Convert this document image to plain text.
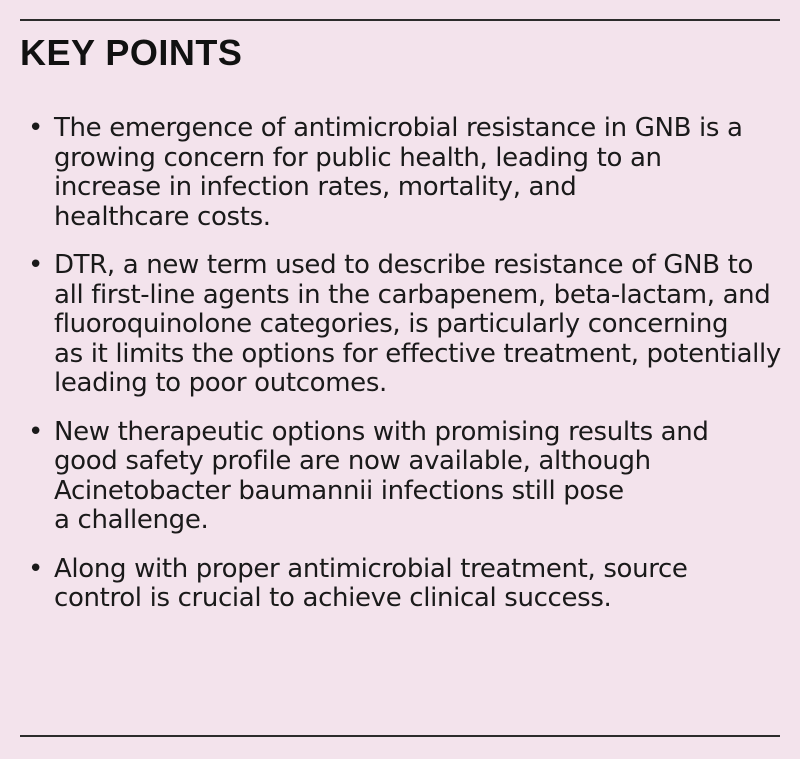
KEY POINTS
• The emergence of antimicrobial resistance in GNB is a
growing concern for public health, leading to an
increase in infection rates, mortality, and
healthcare costs.
• DTR, a new term used to describe resistance of GNB to
all first-line agents in the carbapenem, beta-lactam, and
fluoroquinolone categories, is particularly concerning
as it limits the options for effective treatment, potentially
leading to poor outcomes.
• New therapeutic options with promising results and
good safety profile are now available, although
Acinetobacter baumannii infections still pose
a challenge.
• Along with proper antimicrobial treatment, source
control is crucial to achieve clinical success.
